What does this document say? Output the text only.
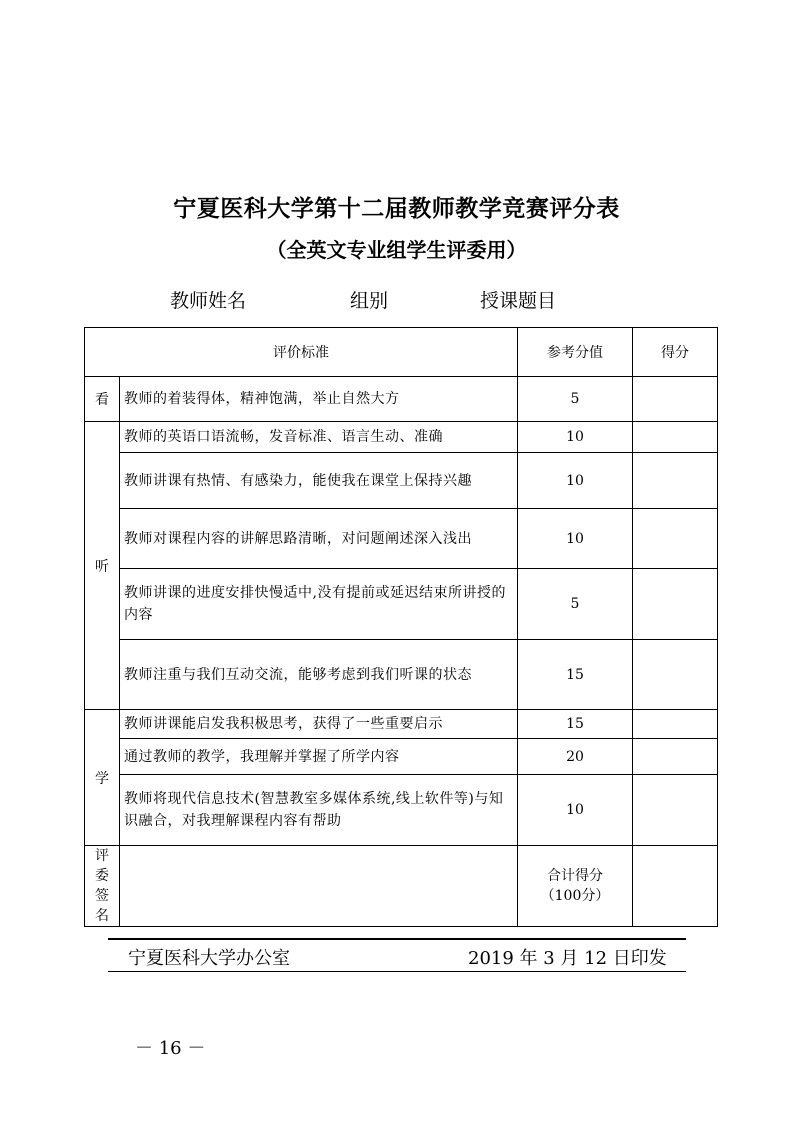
宁夏医科大学第十二届教师教学竞赛评分表
（全英文专业组学生评委用）
教师姓名	组别	授课题目
评价标准		参考分值	得分
看	教师的着装得体，精神饱满，举止自然大方	5	
听	教师的英语口语流畅，发音标准、语言生动、准确	10	
	教师讲课有热情、有感染力，能使我在课堂上保持兴趣	10	
	教师对课程内容的讲解思路清晰，对问题阐述深入浅出	10	
	教师讲课的进度安排快慢适中,没有提前或延迟结束所讲授的内容	5	
	教师注重与我们互动交流，能够考虑到我们听课的状态	15	
学	教师讲课能启发我积极思考，获得了一些重要启示	15	
	通过教师的教学，我理解并掌握了所学内容	20	
	教师将现代信息技术(智慧教室多媒体系统,线上软件等)与知识融合，对我理解课程内容有帮助	10	
评委
签名		合计得分
（100分）	
宁夏医科大学办公室	2019 年 3 月 12 日印发
－ 16 －
